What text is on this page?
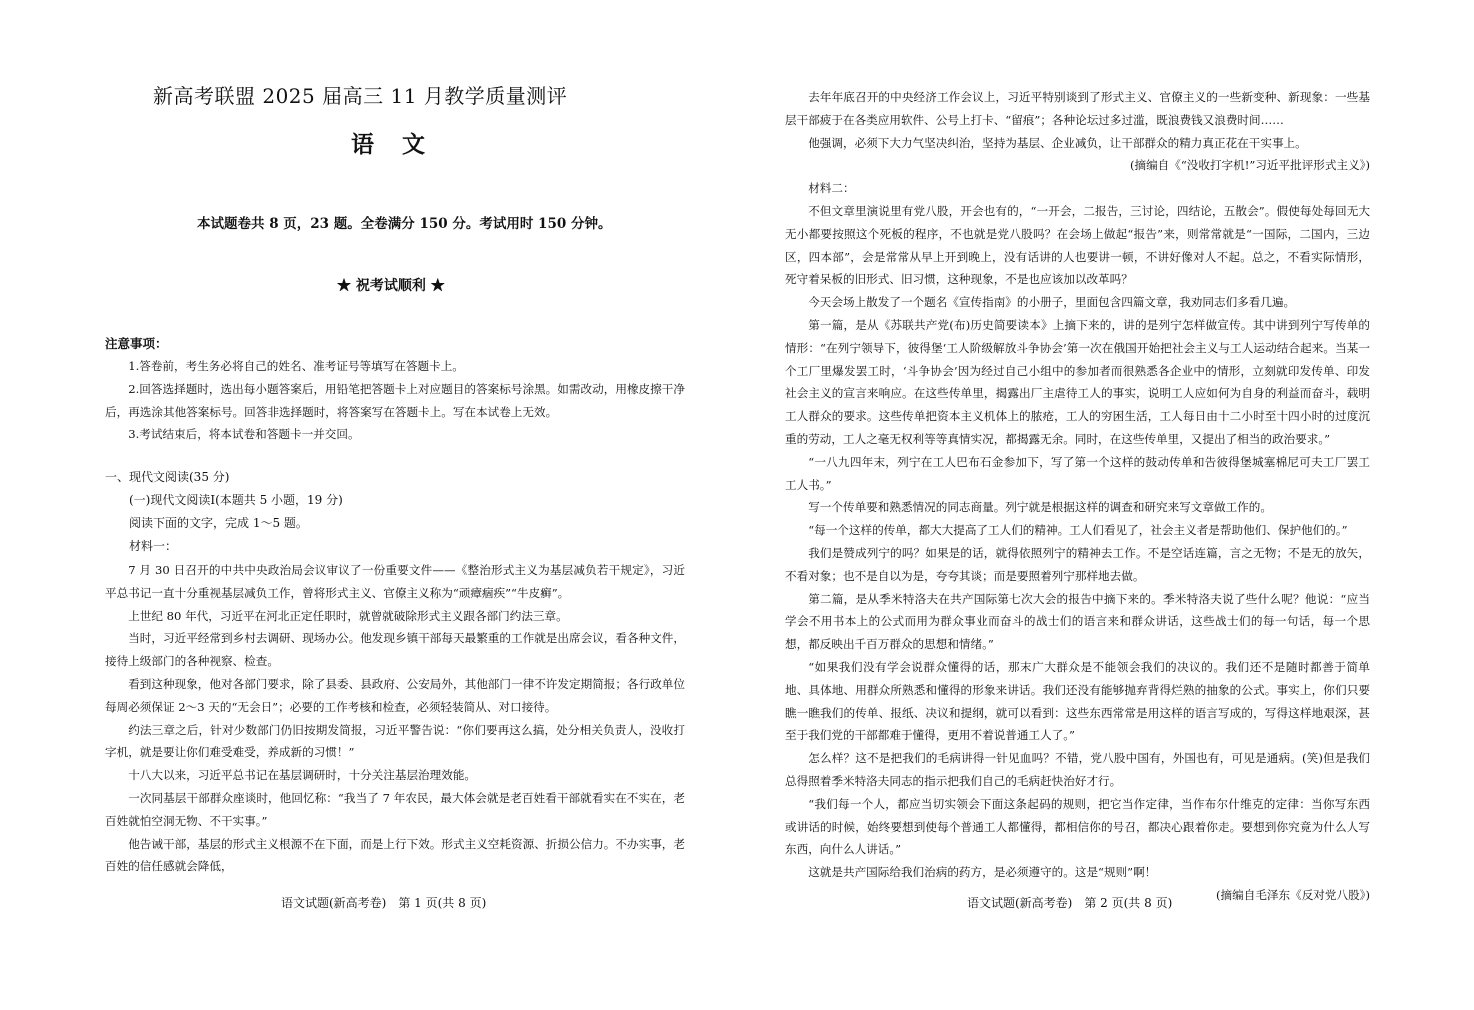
新高考联盟 2025 届高三 11 月教学质量测评
语文
本试题卷共 8 页，23 题。全卷满分 150 分。考试用时 150 分钟。
★ 祝考试顺利 ★
注意事项：

1.答卷前，考生务必将自己的姓名、准考证号等填写在答题卡上。

2.回答选择题时，选出每小题答案后，用铅笔把答题卡上对应题目的答案标号涂黑。如需改动，用橡皮擦干净后，再选涂其他答案标号。回答非选择题时，将答案写在答题卡上。写在本试卷上无效。

3.考试结束后，将本试卷和答题卡一并交回。

一、现代文阅读(35 分)
(一)现代文阅读Ⅰ(本题共 5 小题，19 分)
阅读下面的文字，完成 1～5 题。
材料一：

7 月 30 日召开的中共中央政治局会议审议了一份重要文件——《整治形式主义为基层减负若干规定》，习近平总书记一直十分重视基层减负工作，曾将形式主义、官僚主义称为“顽瘴痼疾”“牛皮癣”。

上世纪 80 年代，习近平在河北正定任职时，就曾就破除形式主义跟各部门约法三章。

当时，习近平经常到乡村去调研、现场办公。他发现乡镇干部每天最繁重的工作就是出席会议，看各种文件，接待上级部门的各种视察、检查。

看到这种现象，他对各部门要求，除了县委、县政府、公安局外，其他部门一律不许发定期简报；各行政单位每周必须保证 2～3 天的“无会日”；必要的工作考核和检查，必须轻装简从、对口接待。

约法三章之后，针对少数部门仍旧按期发简报，习近平警告说：“你们要再这么搞，处分相关负责人，没收打字机，就是要让你们难受难受，养成新的习惯！”

十八大以来，习近平总书记在基层调研时，十分关注基层治理效能。

一次同基层干部群众座谈时，他回忆称：“我当了 7 年农民，最大体会就是老百姓看干部就看实在不实在，老百姓就怕空洞无物、不干实事。”

他告诫干部，基层的形式主义根源不在下面，而是上行下效。形式主义空耗资源、折损公信力。不办实事，老百姓的信任感就会降低，

语文试题(新高考卷)　第 1 页(共 8 页)

去年年底召开的中央经济工作会议上，习近平特别谈到了形式主义、官僚主义的一些新变种、新现象：一些基层干部疲于在各类应用软件、公号上打卡、“留痕”；各种论坛过多过滥，既浪费钱又浪费时间……

他强调，必须下大力气坚决纠治，坚持为基层、企业减负，让干部群众的精力真正花在干实事上。

(摘编自《“没收打字机!”习近平批评形式主义》)

材料二：

不但文章里演说里有党八股，开会也有的，“一开会，二报告，三讨论，四结论，五散会”。假使每处每回无大无小都要按照这个死板的程序，不也就是党八股吗？在会场上做起“报告”来，则常常就是“一国际，二国内，三边区，四本部”，会是常常从早上开到晚上，没有话讲的人也要讲一顿，不讲好像对人不起。总之，不看实际情形，死守着呆板的旧形式、旧习惯，这种现象，不是也应该加以改革吗？

今天会场上散发了一个题名《宣传指南》的小册子，里面包含四篇文章，我劝同志们多看几遍。

第一篇，是从《苏联共产党(布)历史简要读本》上摘下来的，讲的是列宁怎样做宣传。其中讲到列宁写传单的情形：“在列宁领导下，彼得堡‘工人阶级解放斗争协会’第一次在俄国开始把社会主义与工人运动结合起来。当某一个工厂里爆发罢工时，‘斗争协会’因为经过自己小组中的参加者而很熟悉各企业中的情形，立刻就印发传单、印发社会主义的宣言来响应。在这些传单里，揭露出厂主虐待工人的事实，说明工人应如何为自身的利益而奋斗，载明工人群众的要求。这些传单把资本主义机体上的脓疮，工人的穷困生活，工人每日由十二小时至十四小时的过度沉重的劳动，工人之毫无权利等等真情实况，都揭露无余。同时，在这些传单里，又提出了相当的政治要求。”

“一八九四年末，列宁在工人巴布石金参加下，写了第一个这样的鼓动传单和告彼得堡城塞棉尼可夫工厂罢工工人书。”

写一个传单要和熟悉情况的同志商量。列宁就是根据这样的调查和研究来写文章做工作的。

“每一个这样的传单，都大大提高了工人们的精神。工人们看见了，社会主义者是帮助他们、保护他们的。”

我们是赞成列宁的吗？如果是的话，就得依照列宁的精神去工作。不是空话连篇，言之无物；不是无的放矢，不看对象；也不是自以为是，夸夸其谈；而是要照着列宁那样地去做。

第二篇，是从季米特洛夫在共产国际第七次大会的报告中摘下来的。季米特洛夫说了些什么呢？他说：“应当学会不用书本上的公式而用为群众事业而奋斗的战士们的语言来和群众讲话，这些战士们的每一句话，每一个思想，都反映出千百万群众的思想和情绪。”

“如果我们没有学会说群众懂得的话，那末广大群众是不能领会我们的决议的。我们还不是随时都善于简单地、具体地、用群众所熟悉和懂得的形象来讲话。我们还没有能够抛弃背得烂熟的抽象的公式。事实上，你们只要瞧一瞧我们的传单、报纸、决议和提纲，就可以看到：这些东西常常是用这样的语言写成的，写得这样地艰深，甚至于我们党的干部都难于懂得，更用不着说普通工人了。”

怎么样？这不是把我们的毛病讲得一针见血吗？不错，党八股中国有，外国也有，可见是通病。(笑)但是我们总得照着季米特洛夫同志的指示把我们自己的毛病赶快治好才行。

“我们每一个人，都应当切实领会下面这条起码的规则，把它当作定律，当作布尔什维克的定律：当你写东西或讲话的时候，始终要想到使每个普通工人都懂得，都相信你的号召，都决心跟着你走。要想到你究竟为什么人写东西，向什么人讲话。”

这就是共产国际给我们治病的药方，是必须遵守的。这是“规则”啊！

(摘编自毛泽东《反对党八股》)

语文试题(新高考卷)　第 2 页(共 8 页)
